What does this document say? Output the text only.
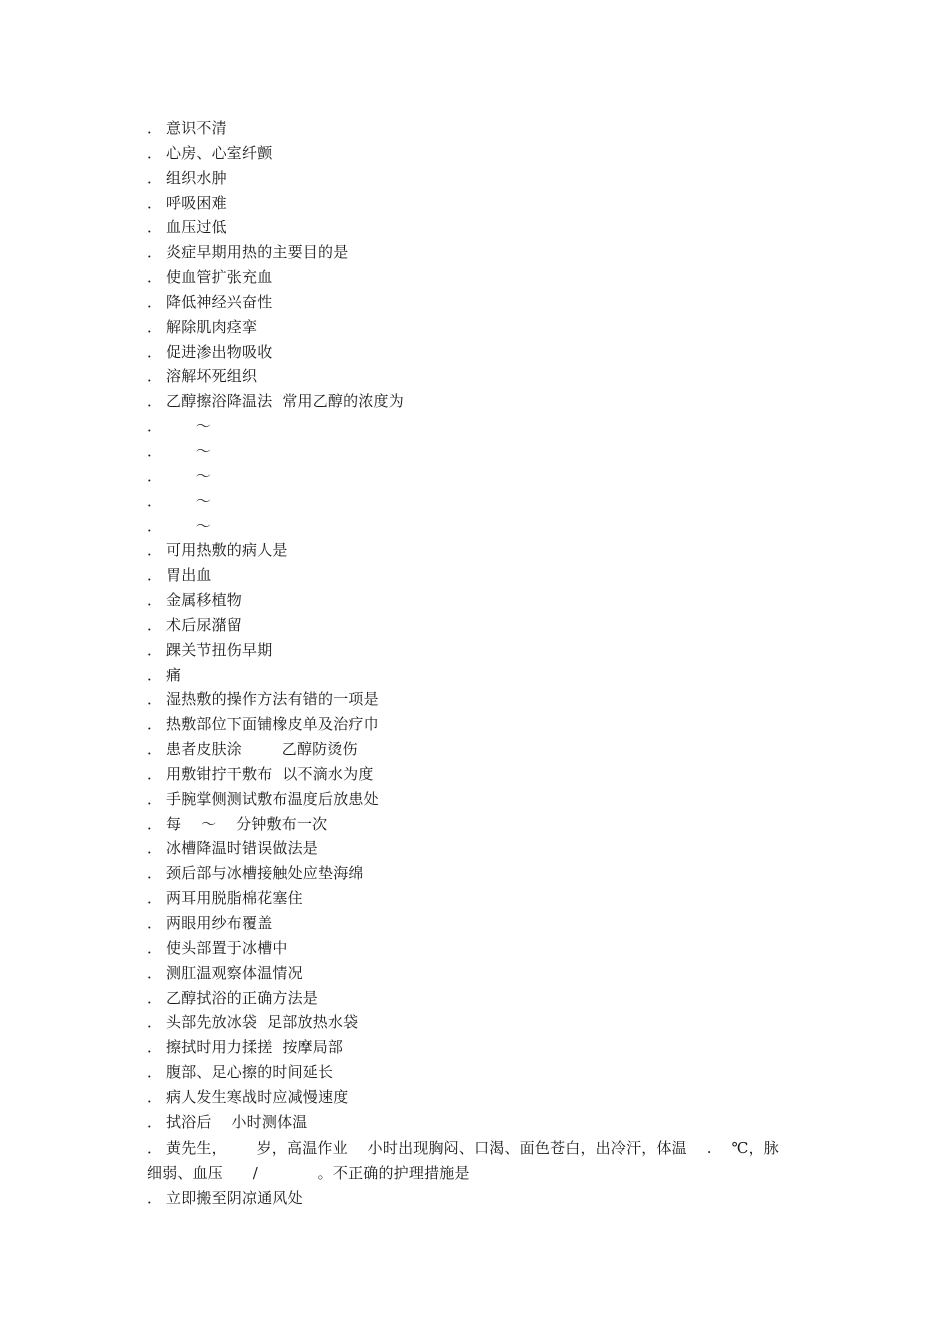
． 意识不清
． 心房、心室纤颤
． 组织水肿
． 呼吸困难
． 血压过低
． 炎症早期用热的主要目的是
． 使血管扩张充血
． 降低神经兴奋性
． 解除肌肉痉挛
． 促进渗出物吸收
． 溶解坏死组织
． 乙醇擦浴降温法  常用乙醇的浓度为
．      ～
．      ～
．      ～
．      ～
．      ～
． 可用热敷的病人是
． 胃出血
． 金属移植物
． 术后尿潴留
． 踝关节扭伤早期
． 痛
． 湿热敷的操作方法有错的一项是
． 热敷部位下面铺橡皮单及治疗巾
． 患者皮肤涂        乙醇防烫伤
． 用敷钳拧干敷布  以不滴水为度
． 手腕掌侧测试敷布温度后放患处
． 每    ～    分钟敷布一次
． 冰槽降温时错误做法是
． 颈后部与冰槽接触处应垫海绵
． 两耳用脱脂棉花塞住
． 两眼用纱布覆盖
． 使头部置于冰槽中
． 测肛温观察体温情况
． 乙醇拭浴的正确方法是
． 头部先放冰袋  足部放热水袋
． 擦拭时用力揉搓  按摩局部
． 腹部、足心擦的时间延长
． 病人发生寒战时应减慢速度
． 拭浴后    小时测体温
． 黄先生，      岁，高温作业    小时出现胸闷、口渴、面色苍白，出冷汗，体温    .    ℃，脉
细弱、血压      /            。不正确的护理措施是
． 立即搬至阴凉通风处
